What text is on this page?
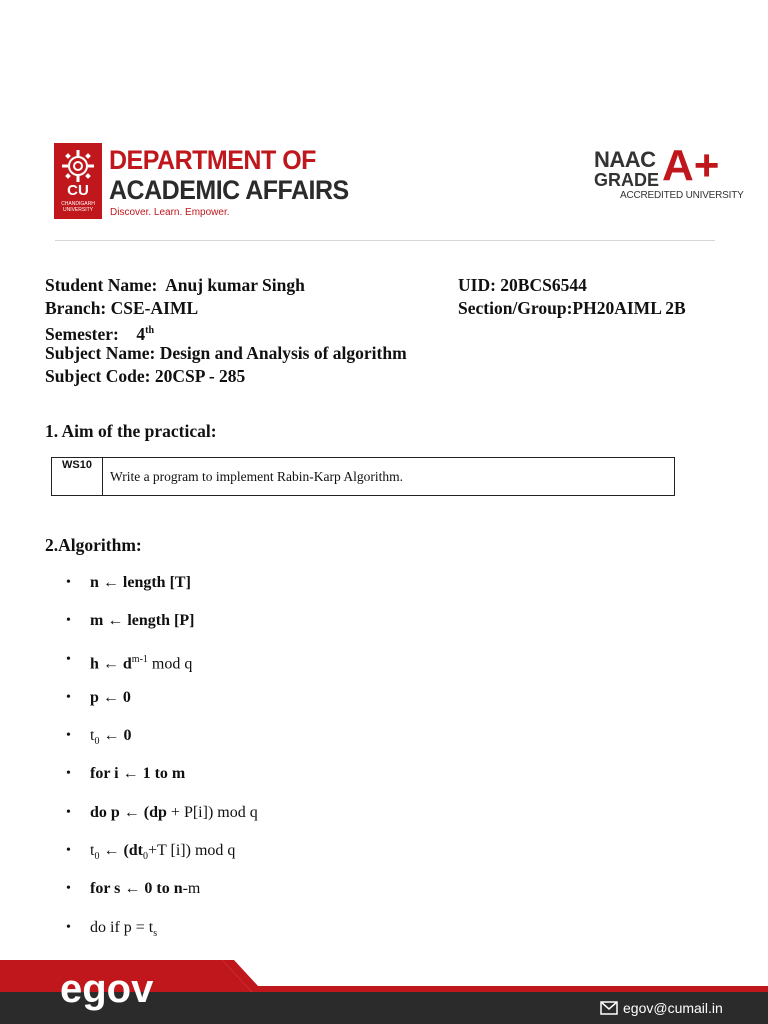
CU
CHANDIGARH UNIVERSITY
DEPARTMENT OF
ACADEMIC AFFAIRS
Discover. Learn. Empower.
NAAC
GRADE A+
ACCREDITED UNIVERSITY
Student Name: Anuj kumar Singh	UID: 20BCS6544
Branch: CSE-AIML	Section/Group:PH20AIML 2B
Semester: 4th
Subject Name: Design and Analysis of algorithm
Subject Code: 20CSP - 285
1. Aim of the practical:
WS10
Write a program to implement Rabin-Karp Algorithm.
2.Algorithm:
• n ← length [T]
• m ← length [P]
• h ← $d^{m-1}$ mod q
• p ← 0
• $t_0$ ← 0
• for i ← 1 to m
• do p ← (dp + P[i]) mod q
• $t_0$ ← ($dt_0+T$ [i]) mod q
• for s ← 0 to n-m
• do if $p = t_s$
egov	egov@cumail.in
